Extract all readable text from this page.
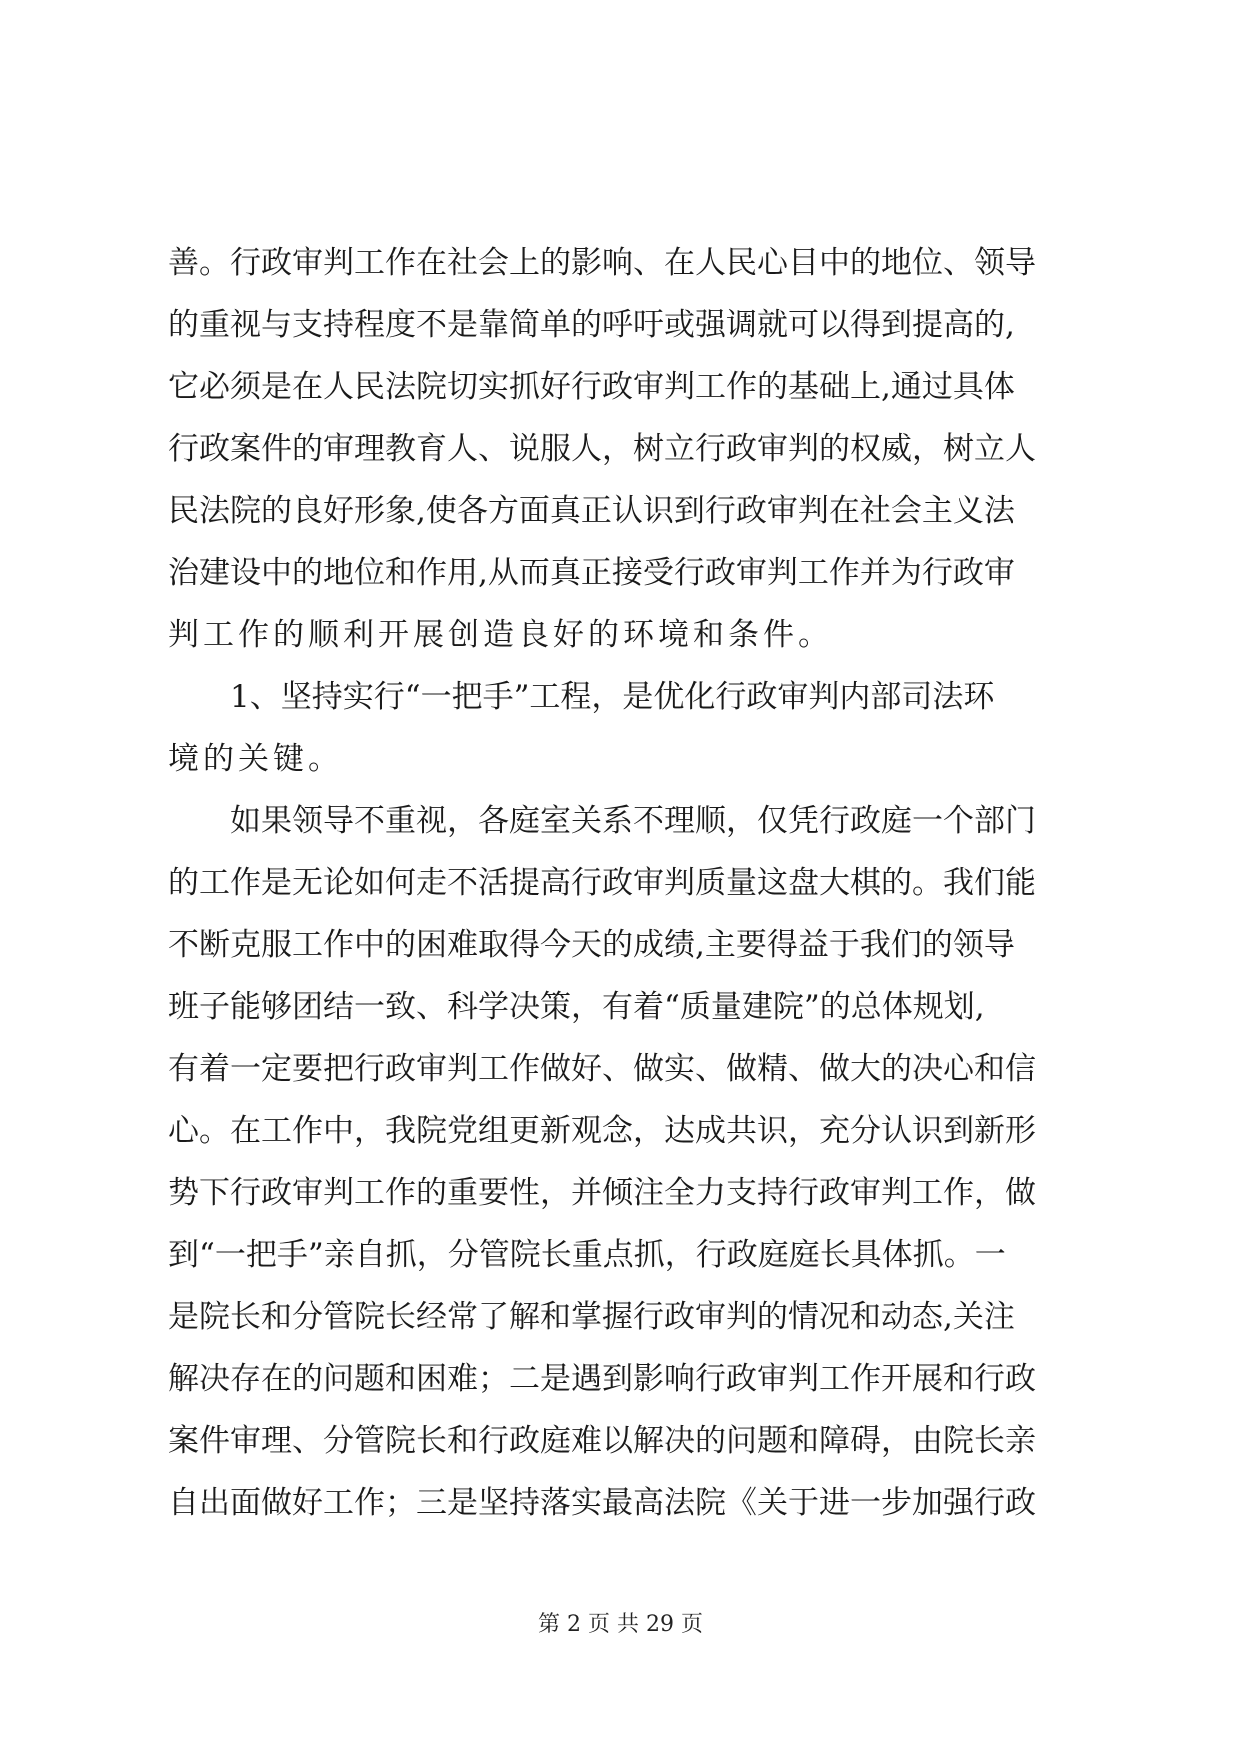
善。行政审判工作在社会上的影响、在人民心目中的地位、领导
的重视与支持程度不是靠简单的呼吁或强调就可以得到提高的,
它必须是在人民法院切实抓好行政审判工作的基础上,通过具体
行政案件的审理教育人、说服人，树立行政审判的权威，树立人
民法院的良好形象,使各方面真正认识到行政审判在社会主义法
治建设中的地位和作用,从而真正接受行政审判工作并为行政审
判工作的顺利开展创造良好的环境和条件。
1、坚持实行“一把手”工程，是优化行政审判内部司法环
境的关键。
如果领导不重视，各庭室关系不理顺，仅凭行政庭一个部门
的工作是无论如何走不活提高行政审判质量这盘大棋的。我们能
不断克服工作中的困难取得今天的成绩,主要得益于我们的领导
班子能够团结一致、科学决策，有着“质量建院”的总体规划,
有着一定要把行政审判工作做好、做实、做精、做大的决心和信
心。在工作中，我院党组更新观念，达成共识，充分认识到新形
势下行政审判工作的重要性，并倾注全力支持行政审判工作，做
到“一把手”亲自抓，分管院长重点抓，行政庭庭长具体抓。一
是院长和分管院长经常了解和掌握行政审判的情况和动态,关注
解决存在的问题和困难；二是遇到影响行政审判工作开展和行政
案件审理、分管院长和行政庭难以解决的问题和障碍，由院长亲
自出面做好工作；三是坚持落实最高法院《关于进一步加强行政
第 2 页 共 29 页
